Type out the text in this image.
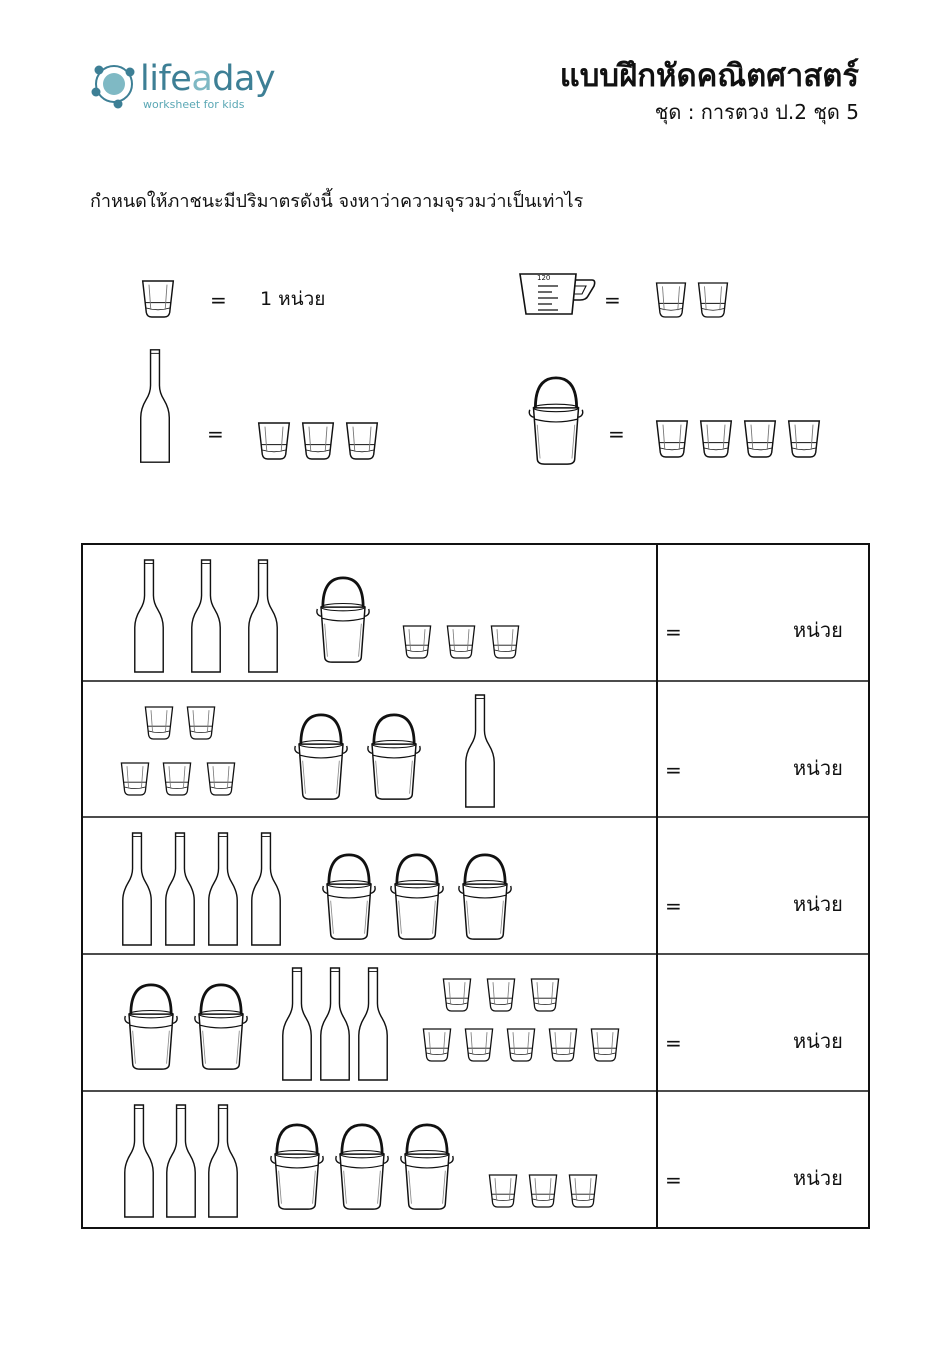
lifeaday
worksheet for kids
แบบฝึกหัดคณิตศาสตร์
ชุด : การตวง ป.2 ชุด 5
กำหนดให้ภาชนะมีปริมาตรดังนี้ จงหาว่าความจุรวมว่าเป็นเท่าไร
= 1 หน่วย
120
=
=	=
=	หน่วย
=	หน่วย
=	หน่วย
=	หน่วย
=	หน่วย
